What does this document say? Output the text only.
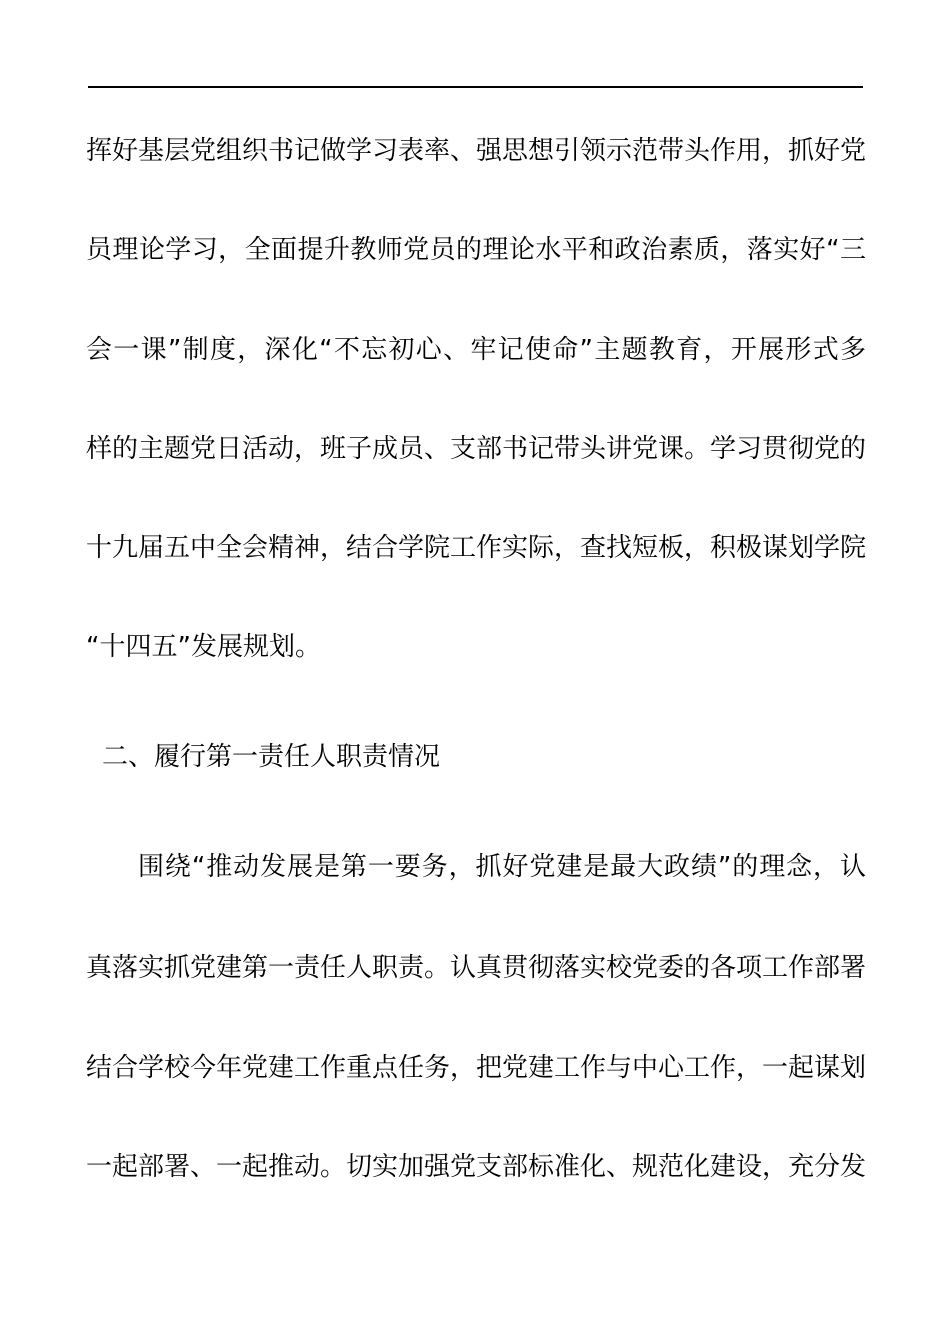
挥好基层党组织书记做学习表率、强思想引领示范带头作用，抓好党
员理论学习，全面提升教师党员的理论水平和政治素质，落实好“三
会一课”制度，深化“不忘初心、牢记使命”主题教育，开展形式多
样的主题党日活动，班子成员、支部书记带头讲党课。学习贯彻党的
十九届五中全会精神，结合学院工作实际，查找短板，积极谋划学院
“十四五”发展规划。
二、履行第一责任人职责情况
围绕“推动发展是第一要务，抓好党建是最大政绩”的理念，认
真落实抓党建第一责任人职责。认真贯彻落实校党委的各项工作部署
结合学校今年党建工作重点任务，把党建工作与中心工作，一起谋划
一起部署、一起推动。切实加强党支部标准化、规范化建设，充分发
